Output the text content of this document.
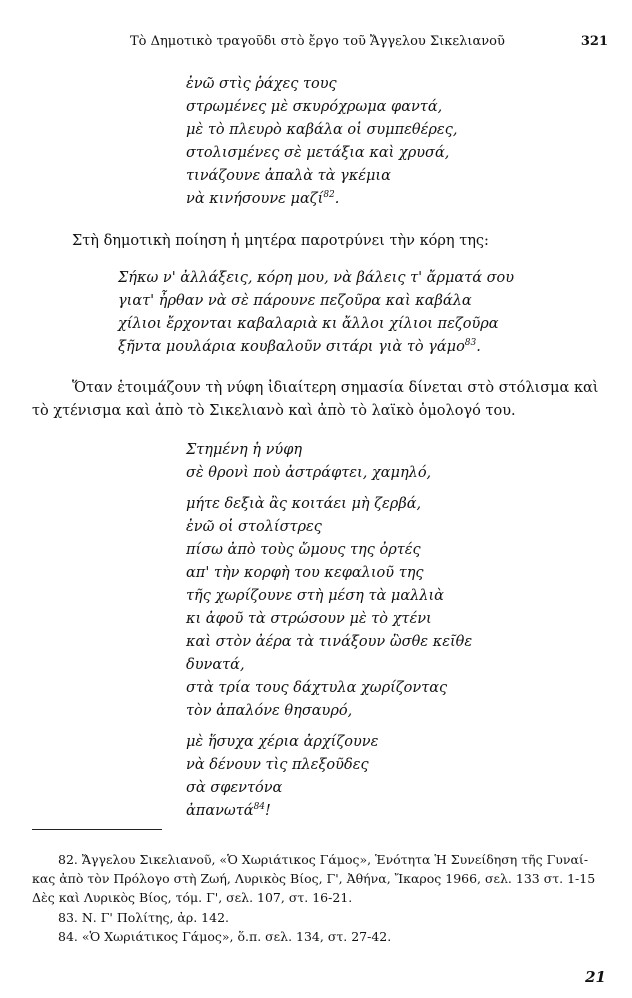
Τὸ Δημοτικὸ τραγοῦδι στὸ ἔργο τοῦ Ἄγγελου Σικελιανοῦ	321
ἐνῶ στὶς ῥάχες τους
στρωμένες μὲ σκυρόχρωμα φαντά,
μὲ τὸ πλευρὸ καβάλα οἱ συμπεθέρες,
στολισμένες σὲ μετάξια καὶ χρυσά,
τινάζουνε ἀπαλὰ τὰ γκέμια
νὰ κινήσουνε μαζί$^{82}$.
Στὴ δημοτικὴ ποίηση ἡ μητέρα παροτρύνει τὴν κόρη της:
Σήκω ν' ἀλλάξεις, κόρη μου, νὰ βάλεις τ' ἄρματά σου
γιατ' ἦρθαν νὰ σὲ πάρουνε πεζοῦρα καὶ καβάλα
χίλιοι ἔρχονται καβαλαριὰ κι ἄλλοι χίλιοι πεζοῦρα
ξῆντα μουλάρια κουβαλοῦν σιτάρι γιὰ τὸ γάμο$^{83}$.
Ὅταν ἑτοιμάζουν τὴ νύφη ἰδιαίτερη σημασία δίνεται στὸ στόλισμα καὶ
τὸ χτένισμα καὶ ἀπὸ τὸ Σικελιανὸ καὶ ἀπὸ τὸ λαϊκὸ ὁμολογό του.
Στημένη ἡ νύφη
σὲ θρονὶ ποὺ ἀστράφτει, χαμηλό,
μήτε δεξιὰ ἂς κοιτάει μὴ ζερβά,
ἐνῶ οἱ στολίστρες
πίσω ἀπὸ τοὺς ὤμους της ὀρτές
απ' τὴν κορφὴ του κεφαλιοῦ της
τῆς χωρίζουνε στὴ μέση τὰ μαλλιὰ
κι ἀφοῦ τὰ στρώσουν μὲ τὸ χτένι
καὶ στὸν ἀέρα τὰ τινάξουν ὣσθε κεῖθε
δυνατά,
στὰ τρία τους δάχτυλα χωρίζοντας
τὸν ἀπαλόνε θησαυρό,
μὲ ἥσυχα χέρια ἀρχίζουνε
νὰ δένουν τὶς πλεξοῦδες
σὰ σφεντόνα
ἀπανωτά$^{84}$!
82. Ἄγγελου Σικελιανοῦ, «Ὁ Χωριάτικος Γάμος», Ἑνότητα Ἡ Συνείδηση τῆς Γυναί-
κας ἀπὸ τὸν Πρόλογο στὴ Ζωή, Λυρικὸς Βίος, Γ', Ἀθήνα, Ἴκαρος 1966, σελ. 133 στ. 1-15
Δὲς καὶ Λυρικὸς Βίος, τόμ. Γ', σελ. 107, στ. 16-21.
83. Ν. Γ' Πολίτης, ἀρ. 142.
84. «Ὁ Χωριάτικος Γάμος», ὅ.π. σελ. 134, στ. 27-42.
21
